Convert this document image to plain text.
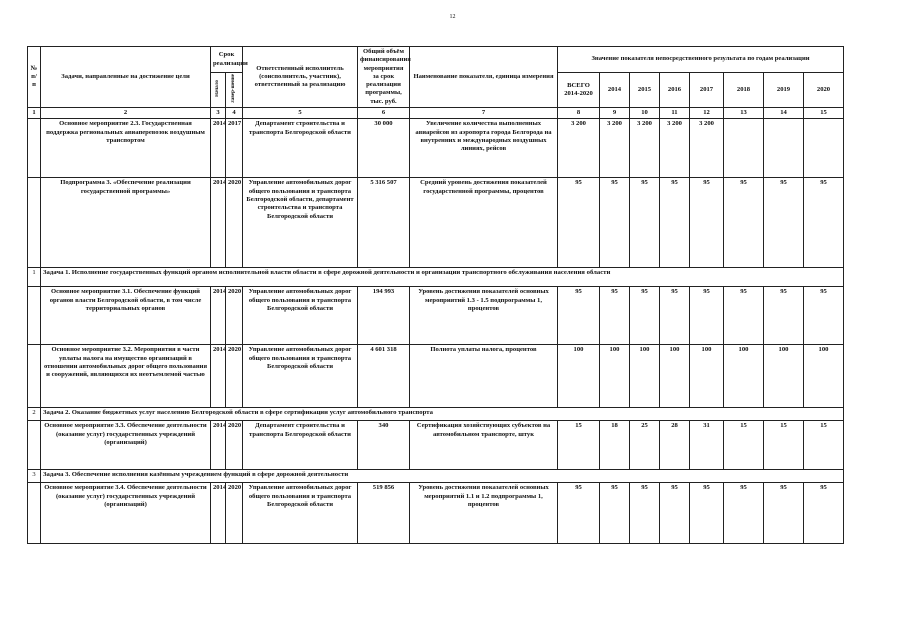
12
№ п/п	Задачи, направленные на достижение цели	Срок реализации		Ответственный исполнитель (соисполнитель, участник), ответственный за реализацию	Общий объём финансирования мероприятия за срок реализации программы, тыс. руб.	Наименование показателя, единица измерения	Значение показателя непосредственного результата по годам реализации							
		Начало	Завер-шение				ВСЕГО 2014-2020	2014	2015	2016	2017	2018	2019	2020
1	2	3	4	5	6	7	8	9	10	11	12	13	14	15
	Основное мероприятие 2.3. Государственная поддержка региональных авиаперевозок воздушным транспортом	2014	2017	Департамент строительства и транспорта Белгородской области	30 000	Увеличение количества выполненных авиарейсов из аэропорта города Белгорода на внутренних и международных воздушных линиях, рейсов	3 200	3 200	3 200	3 200	3 200			
	Подпрограмма 3. «Обеспечение реализации государственной программы»	2014	2020	Управление автомобильных дорог общего пользования и транспорта Белгородской области, департамент строительства и транспорта Белгородской области	5 316 507	Средний уровень достижения показателей государственной программы, процентов	95	95	95	95	95	95	95	95
1	Задача 1. Исполнение государственных функций органом исполнительной власти области в сфере дорожной деятельности и организации транспортного обслуживания населения области													
	Основное мероприятие 3.1. Обеспечение функций органов власти Белгородской области, в том числе территориальных органов	2014	2020	Управление автомобильных дорог общего пользования и транспорта Белгородской области	194 993	Уровень достижения показателей основных мероприятий 1.3 - 1.5 подпрограммы 1, процентов	95	95	95	95	95	95	95	95
	Основное мероприятие 3.2. Мероприятия в части уплаты налога на имущество организаций в отношении автомобильных дорог общего пользования и сооружений, являющихся их неотъемлемой частью	2014	2020	Управление автомобильных дорог общего пользования и транспорта Белгородской области	4 601 318	Полнота уплаты налога, процентов	100	100	100	100	100	100	100	100
2	Задача 2. Оказание бюджетных услуг населению Белгородской области в сфере сертификации услуг автомобильного транспорта													
	Основное мероприятие 3.3. Обеспечение деятельности (оказание услуг) государственных учреждений (организаций)	2014	2020	Департамент строительства и транспорта Белгородской области	340	Сертификация хозяйствующих субъектов на автомобильном транспорте, штук	15	18	25	28	31	15	15	15
3	Задача 3. Обеспечение исполнения казённым учреждением функций в сфере дорожной деятельности													
	Основное мероприятие 3.4. Обеспечение деятельности (оказание услуг) государственных учреждений (организаций)	2014	2020	Управление автомобильных дорог общего пользования и транспорта Белгородской области	519 856	Уровень достижения показателей основных мероприятий 1.1 и 1.2 подпрограммы 1, процентов	95	95	95	95	95	95	95	95
